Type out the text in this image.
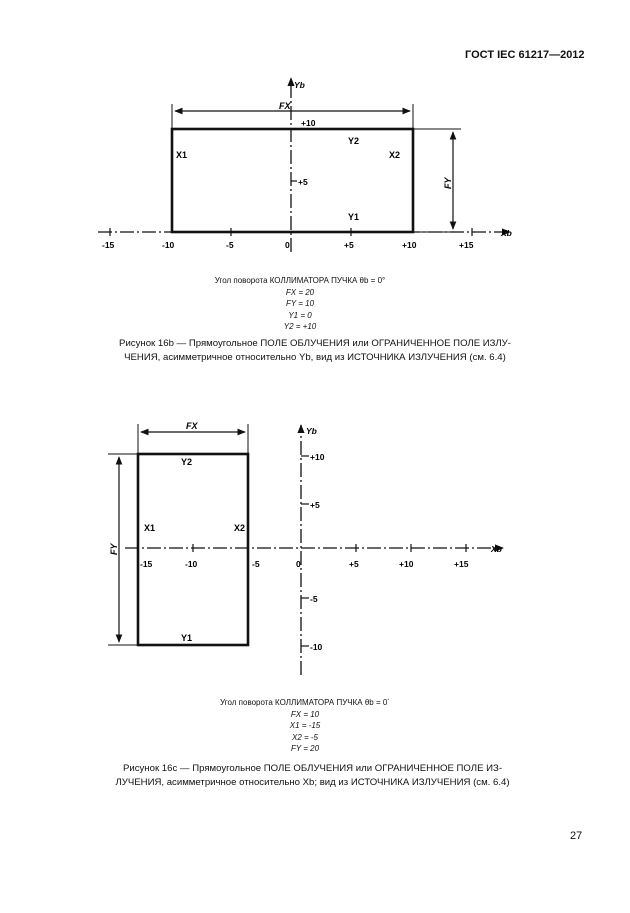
ГОСТ IEC 61217—2012
Yb
Xb
-15	-10	-5	0	+5	+10	+15
+10
+5
FX
FY
X1	X2
Y2
Y1
Yb
Xb
-15	-10	-5	0	+5	+10	+15
+10
+5
-5
-10
FX
FY
X1	X2
Y2
Y1
Угол поворота КОЛЛИМАТОРА ПУЧКА θb = 0°
FX = 20
FY = 10
Y1 = 0
Y2 = +10
Рисунок 16b — Прямоугольное ПОЛЕ ОБЛУЧЕНИЯ или ОГРАНИЧЕННОЕ ПОЛЕ ИЗЛУ-
ЧЕНИЯ, асимметричное относительно Yb, вид из ИСТОЧНИКА ИЗЛУЧЕНИЯ (см. 6.4)
Угол поворота КОЛЛИМАТОРА ПУЧКА θb = 0´
FX = 10
X1 = -15
X2 = -5
FY = 20
Рисунок 16c — Прямоугольное ПОЛЕ ОБЛУЧЕНИЯ или ОГРАНИЧЕННОЕ ПОЛЕ ИЗ-
ЛУЧЕНИЯ, асимметричное относительно Xb; вид из ИСТОЧНИКА ИЗЛУЧЕНИЯ (см. 6.4)
27
